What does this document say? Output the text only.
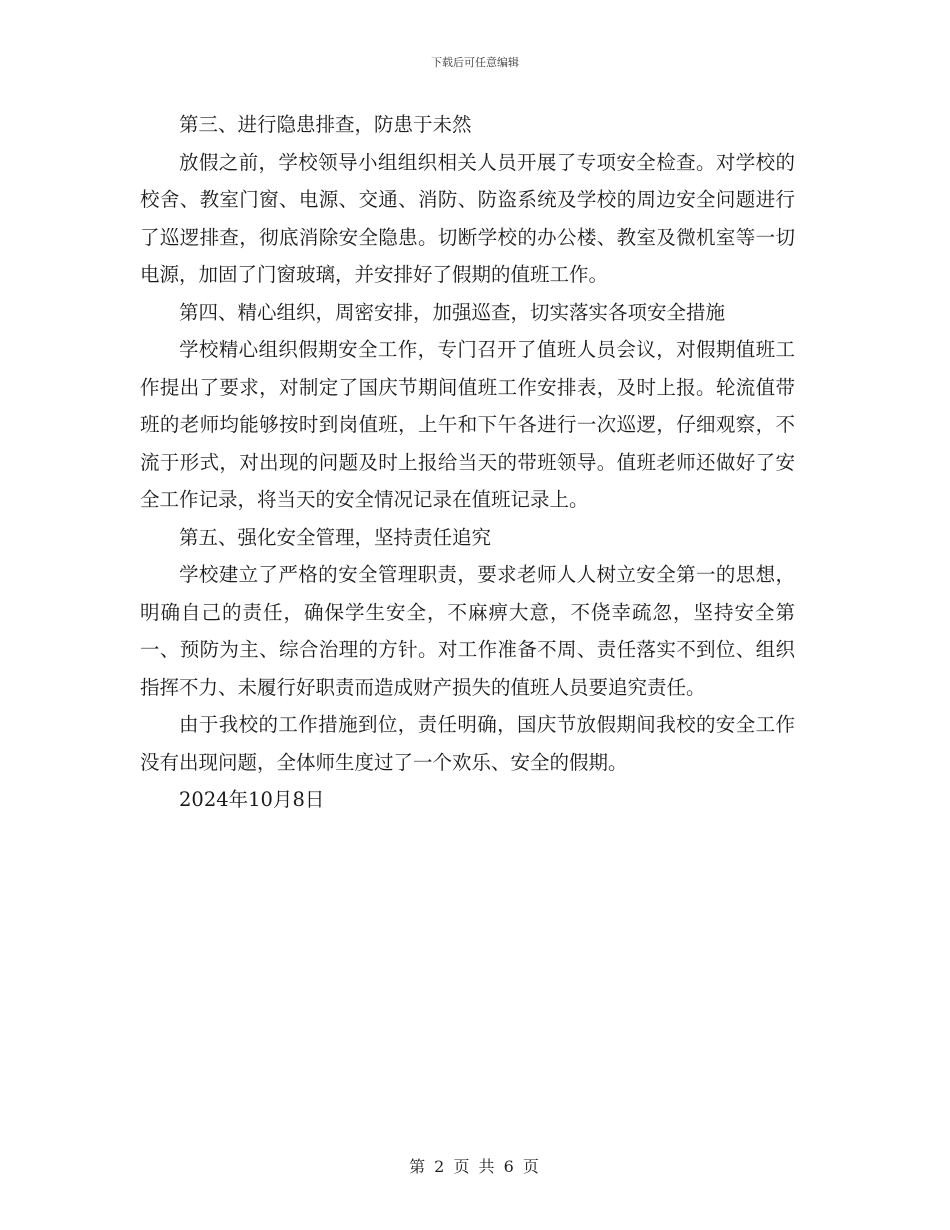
下载后可任意编辑

第三、进行隐患排查，防患于未然

放假之前，学校领导小组组织相关人员开展了专项安全检查。对学校的校舍、教室门窗、电源、交通、消防、防盗系统及学校的周边安全问题进行了巡逻排查，彻底消除安全隐患。切断学校的办公楼、教室及微机室等一切电源，加固了门窗玻璃，并安排好了假期的值班工作。

第四、精心组织，周密安排，加强巡查，切实落实各项安全措施

学校精心组织假期安全工作，专门召开了值班人员会议，对假期值班工作提出了要求，对制定了国庆节期间值班工作安排表，及时上报。轮流值带班的老师均能够按时到岗值班，上午和下午各进行一次巡逻，仔细观察，不流于形式，对出现的问题及时上报给当天的带班领导。值班老师还做好了安全工作记录，将当天的安全情况记录在值班记录上。

第五、强化安全管理，坚持责任追究

学校建立了严格的安全管理职责，要求老师人人树立安全第一的思想，明确自己的责任，确保学生安全，不麻痹大意，不侥幸疏忽，坚持安全第一、预防为主、综合治理的方针。对工作准备不周、责任落实不到位、组织指挥不力、未履行好职责而造成财产损失的值班人员要追究责任。

由于我校的工作措施到位，责任明确，国庆节放假期间我校的安全工作没有出现问题，全体师生度过了一个欢乐、安全的假期。

2024年10月8日

第 2 页 共 6 页
